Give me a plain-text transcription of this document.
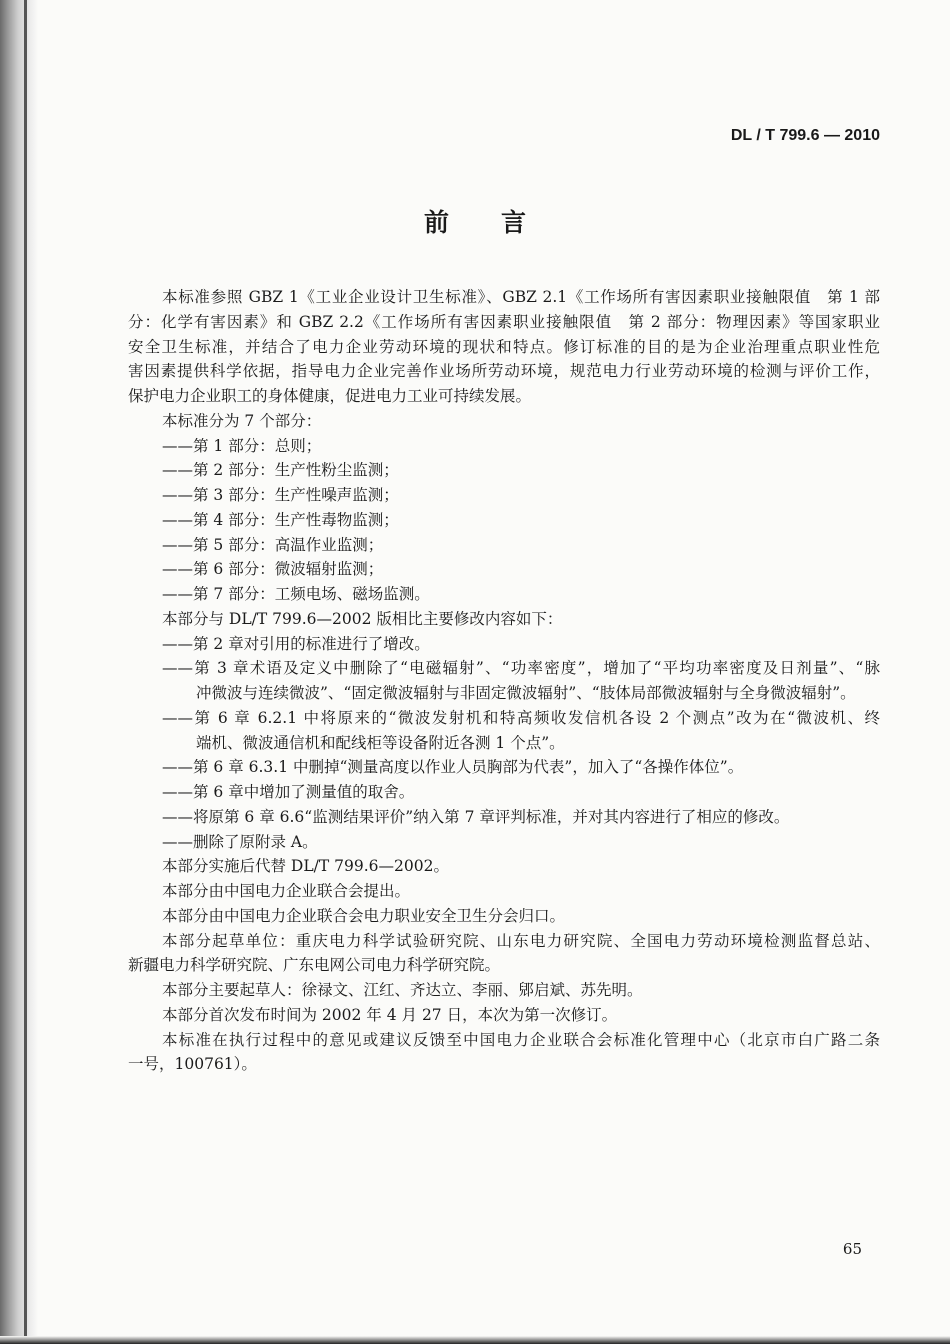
DL / T 799.6 — 2010
前言
本标准参照 GBZ 1《工业企业设计卫生标准》、GBZ 2.1《工作场所有害因素职业接触限值　第 1 部
分：化学有害因素》和 GBZ 2.2《工作场所有害因素职业接触限值　第 2 部分：物理因素》等国家职业
安全卫生标准，并结合了电力企业劳动环境的现状和特点。修订标准的目的是为企业治理重点职业性危
害因素提供科学依据，指导电力企业完善作业场所劳动环境，规范电力行业劳动环境的检测与评价工作，
保护电力企业职工的身体健康，促进电力工业可持续发展。
本标准分为 7 个部分：
——第 1 部分：总则；
——第 2 部分：生产性粉尘监测；
——第 3 部分：生产性噪声监测；
——第 4 部分：生产性毒物监测；
——第 5 部分：高温作业监测；
——第 6 部分：微波辐射监测；
——第 7 部分：工频电场、磁场监测。
本部分与 DL/T 799.6—2002 版相比主要修改内容如下：
——第 2 章对引用的标准进行了增改。
——第 3 章术语及定义中删除了“电磁辐射”、“功率密度”，增加了“平均功率密度及日剂量”、“脉
冲微波与连续微波”、“固定微波辐射与非固定微波辐射”、“肢体局部微波辐射与全身微波辐射”。
——第 6 章 6.2.1 中将原来的“微波发射机和特高频收发信机各设 2 个测点”改为在“微波机、终
端机、微波通信机和配线柜等设备附近各测 1 个点”。
——第 6 章 6.3.1 中删掉“测量高度以作业人员胸部为代表”，加入了“各操作体位”。
——第 6 章中增加了测量值的取舍。
——将原第 6 章 6.6“监测结果评价”纳入第 7 章评判标准，并对其内容进行了相应的修改。
——删除了原附录 A。
本部分实施后代替 DL/T 799.6—2002。
本部分由中国电力企业联合会提出。
本部分由中国电力企业联合会电力职业安全卫生分会归口。
本部分起草单位：重庆电力科学试验研究院、山东电力研究院、全国电力劳动环境检测监督总站、
新疆电力科学研究院、广东电网公司电力科学研究院。
本部分主要起草人：徐禄文、江红、齐达立、李丽、郳启斌、苏先明。
本部分首次发布时间为 2002 年 4 月 27 日，本次为第一次修订。
本标准在执行过程中的意见或建议反馈至中国电力企业联合会标准化管理中心（北京市白广路二条
一号，100761）。
65
